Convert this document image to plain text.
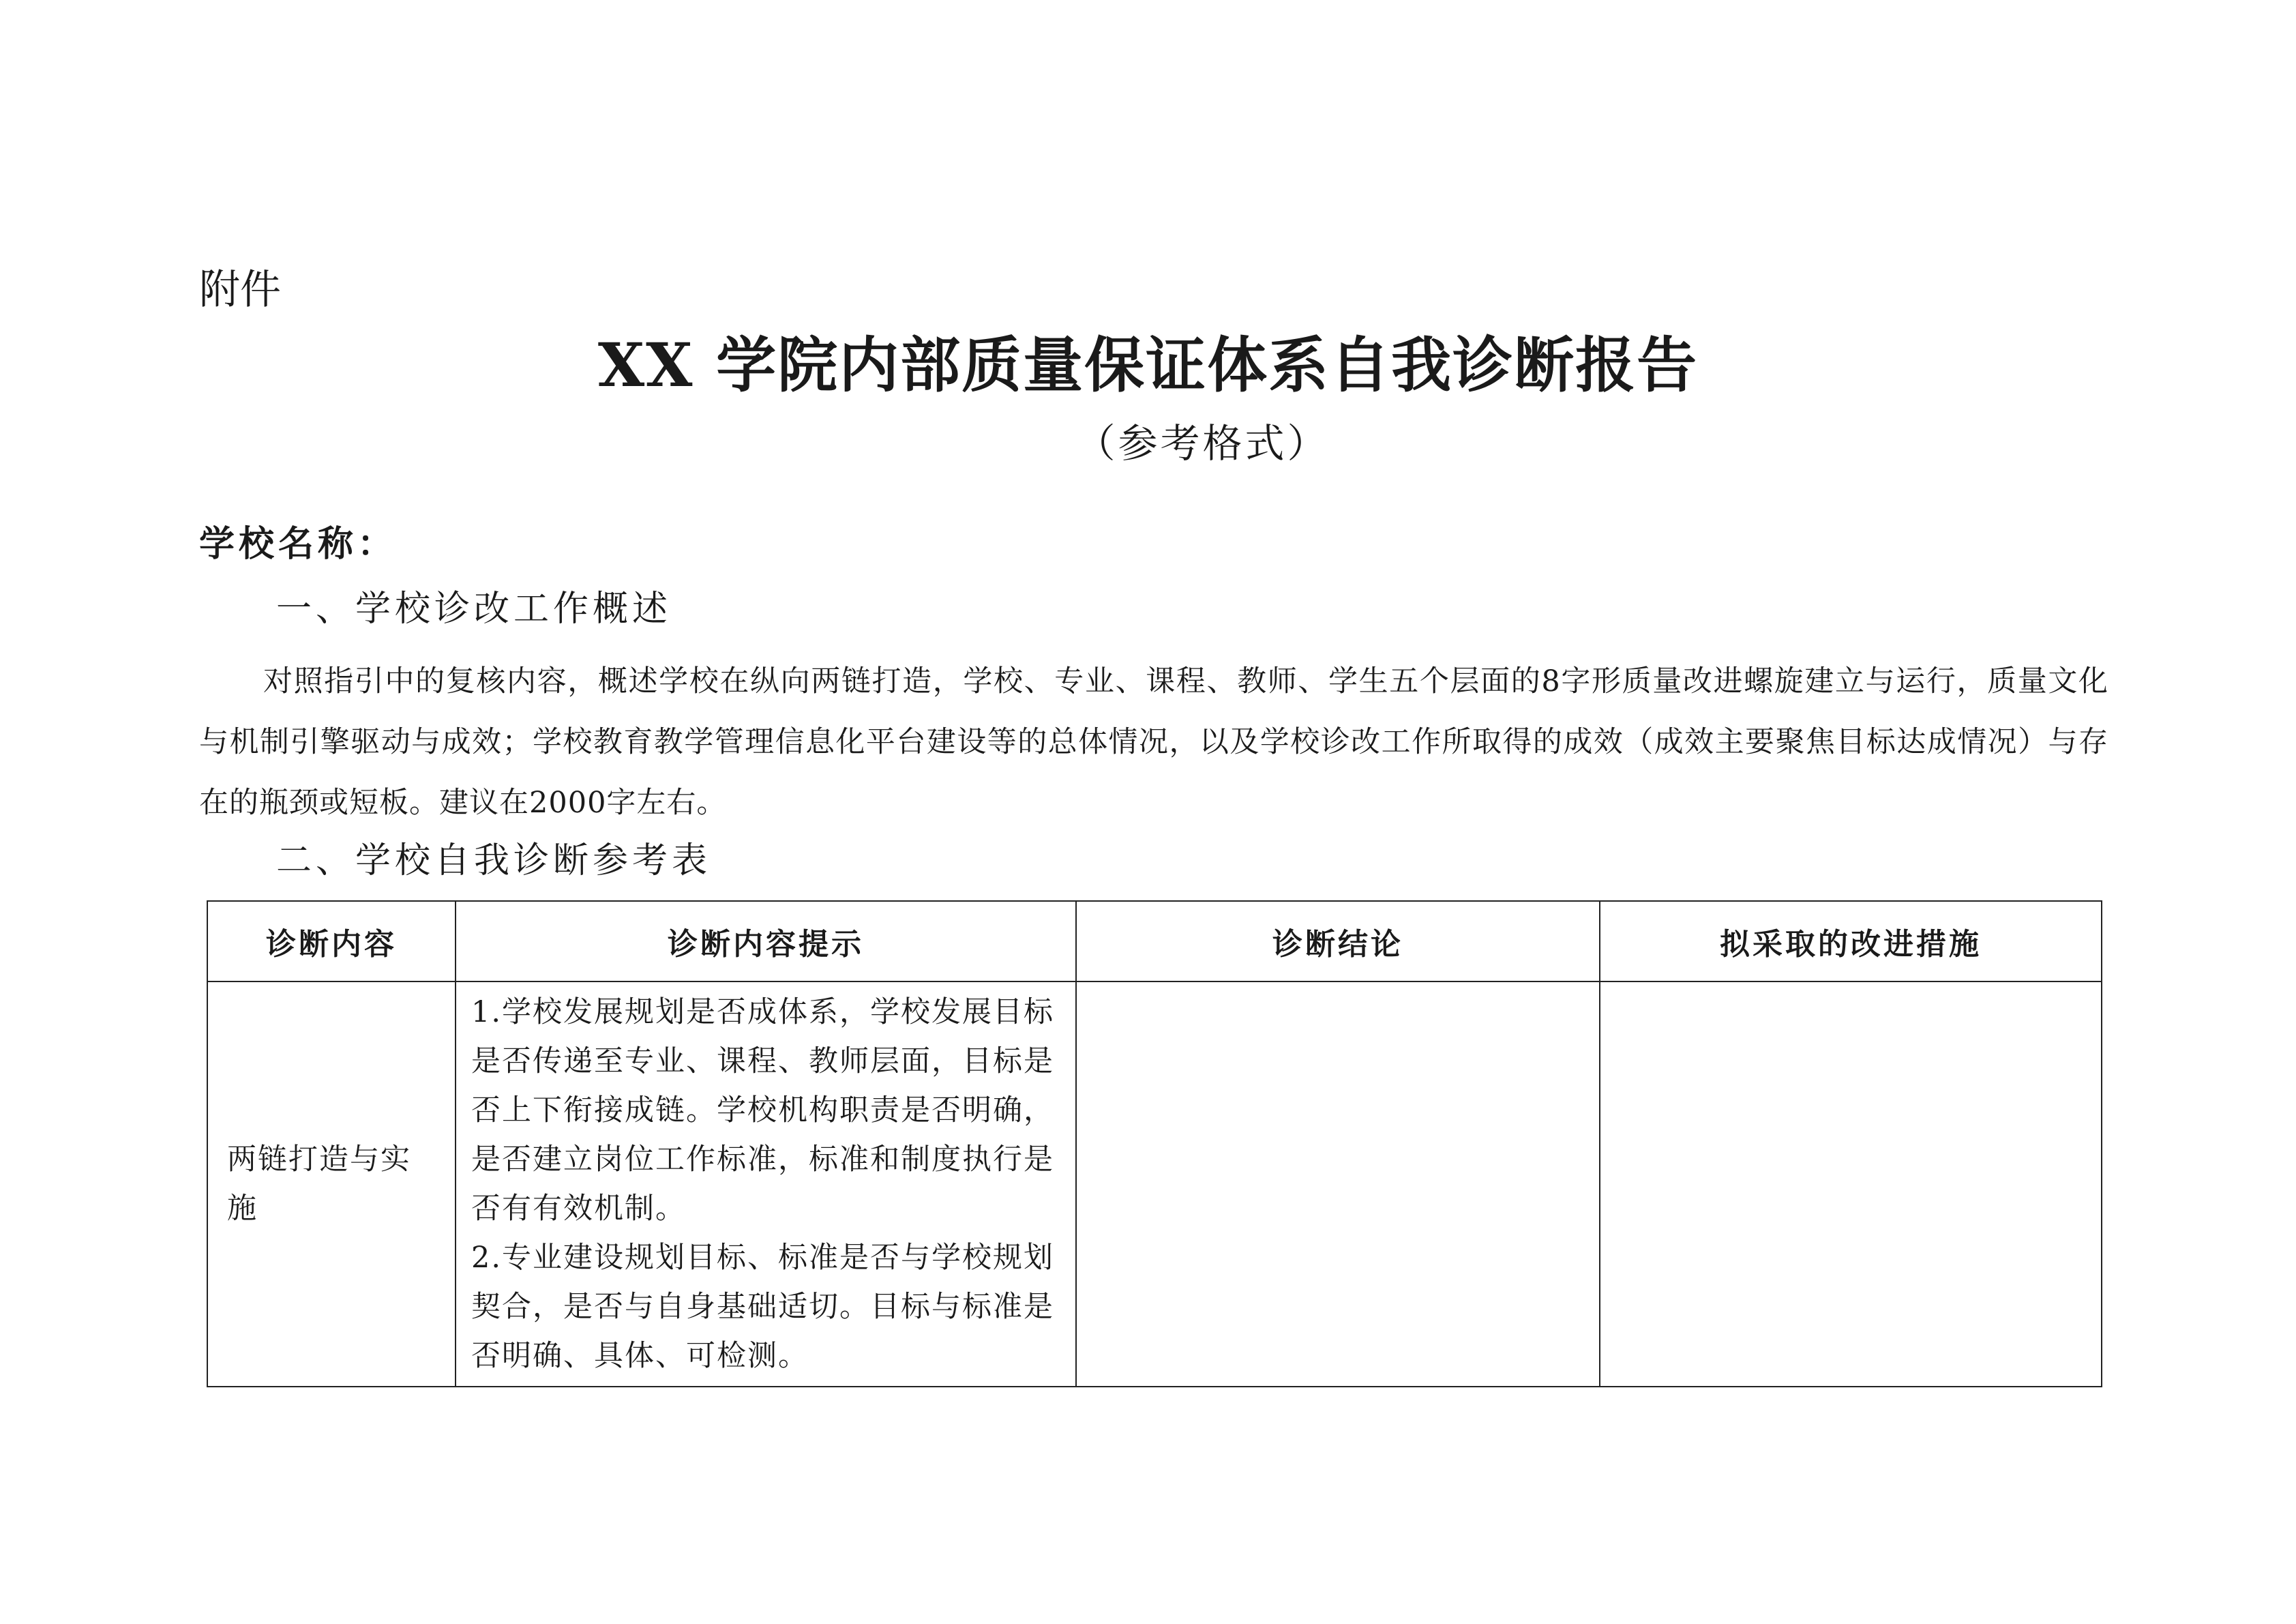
附件
XX 学院内部质量保证体系自我诊断报告
（参考格式）
学校名称：
一、学校诊改工作概述

对照指引中的复核内容，概述学校在纵向两链打造，学校、专业、课程、教师、学生五个层面的8字形质量改进螺旋建立与运行，质量文化与机制引擎驱动与成效；学校教育教学管理信息化平台建设等的总体情况，以及学校诊改工作所取得的成效（成效主要聚焦目标达成情况）与存在的瓶颈或短板。建议在2000字左右。

二、学校自我诊断参考表
诊断内容	诊断内容提示	诊断结论	拟采取的改进措施

两链打造与实施	1.学校发展规划是否成体系，学校发展目标是否传递至专业、课程、教师层面，目标是否上下衔接成链。学校机构职责是否明确，是否建立岗位工作标准，标准和制度执行是否有有效机制。
2.专业建设规划目标、标准是否与学校规划契合，是否与自身基础适切。目标与标准是否明确、具体、可检测。		
